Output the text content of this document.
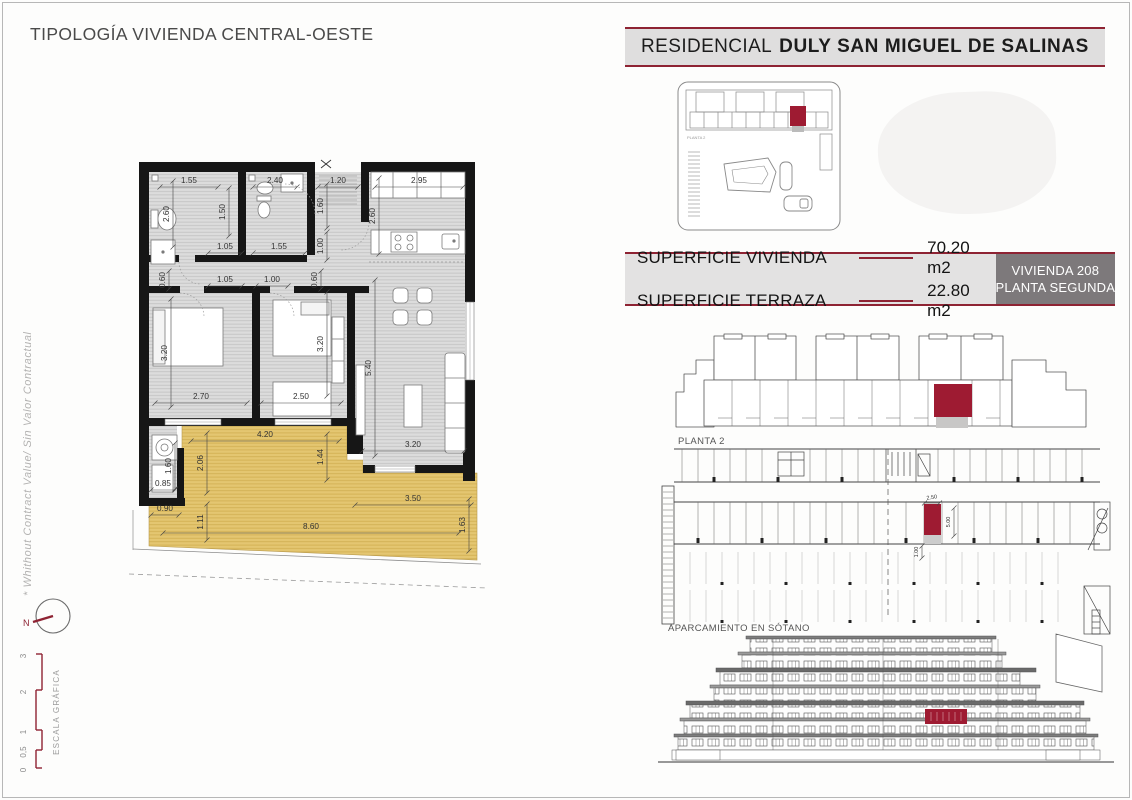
TIPOLOGÍA VIVIENDA CENTRAL-OESTE
* Whithout Contract Value/ Sin Valor Contractual
N
3
2
1
0,5
0
ESCALA GRÁFICA
1.55	2.40	1.20	2.95
2.60	1.50	1.60
2.60
1.00
1.05	1.55
0.60	1.05	1.00	0.60
3.20
2.70
3.20
2.50
5.40
3.20
4.20
2.06	1.44
1.60
0.85
0.90
1.11	8.60
3.50
1.63
RESIDENCIAL DULY SAN MIGUEL DE SALINAS
PLANTA 2
SUPERFICIE VIVIENDA
70.20 m2
SUPERFICIE TERRAZA
22.80 m2
VIVIENDA 208
PLANTA SEGUNDA
PLANTA 2
2.50
5.00
1.00
APARCAMIENTO EN SÓTANO
